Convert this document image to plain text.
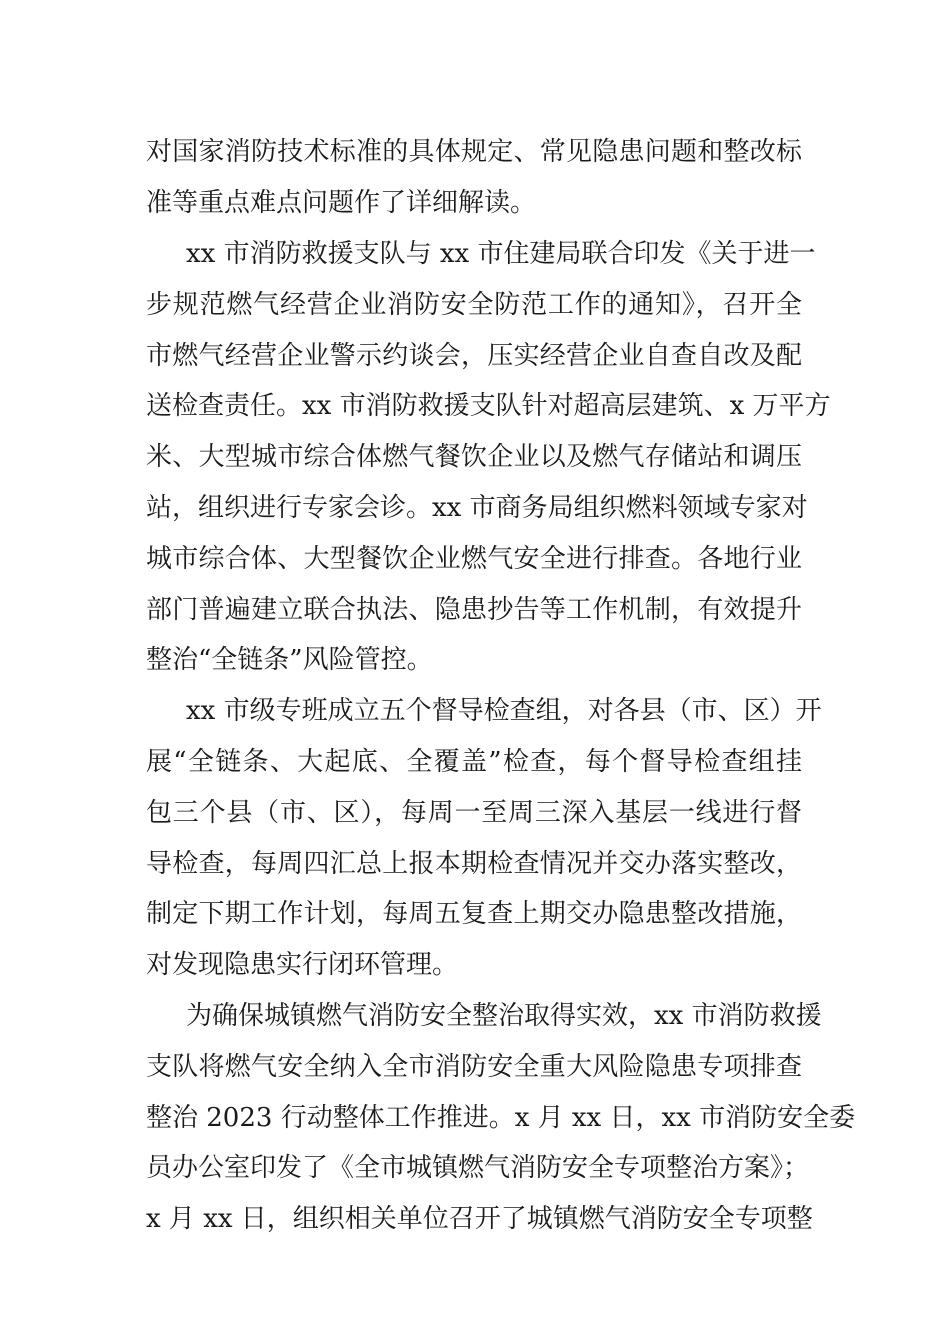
对国家消防技术标准的具体规定、常见隐患问题和整改标
准等重点难点问题作了详细解读。
xx 市消防救援支队与 xx 市住建局联合印发《关于进一
步规范燃气经营企业消防安全防范工作的通知》，召开全
市燃气经营企业警示约谈会，压实经营企业自查自改及配
送检查责任。xx 市消防救援支队针对超高层建筑、x 万平方
米、大型城市综合体燃气餐饮企业以及燃气存储站和调压
站，组织进行专家会诊。xx 市商务局组织燃料领域专家对
城市综合体、大型餐饮企业燃气安全进行排查。各地行业
部门普遍建立联合执法、隐患抄告等工作机制，有效提升
整治“全链条”风险管控。
xx 市级专班成立五个督导检查组，对各县（市、区）开
展“全链条、大起底、全覆盖”检查，每个督导检查组挂
包三个县（市、区），每周一至周三深入基层一线进行督
导检查，每周四汇总上报本期检查情况并交办落实整改，
制定下期工作计划，每周五复查上期交办隐患整改措施，
对发现隐患实行闭环管理。
为确保城镇燃气消防安全整治取得实效，xx 市消防救援
支队将燃气安全纳入全市消防安全重大风险隐患专项排查
整治 2023 行动整体工作推进。x 月 xx 日，xx 市消防安全委
员办公室印发了《全市城镇燃气消防安全专项整治方案》；
x 月 xx 日，组织相关单位召开了城镇燃气消防安全专项整
